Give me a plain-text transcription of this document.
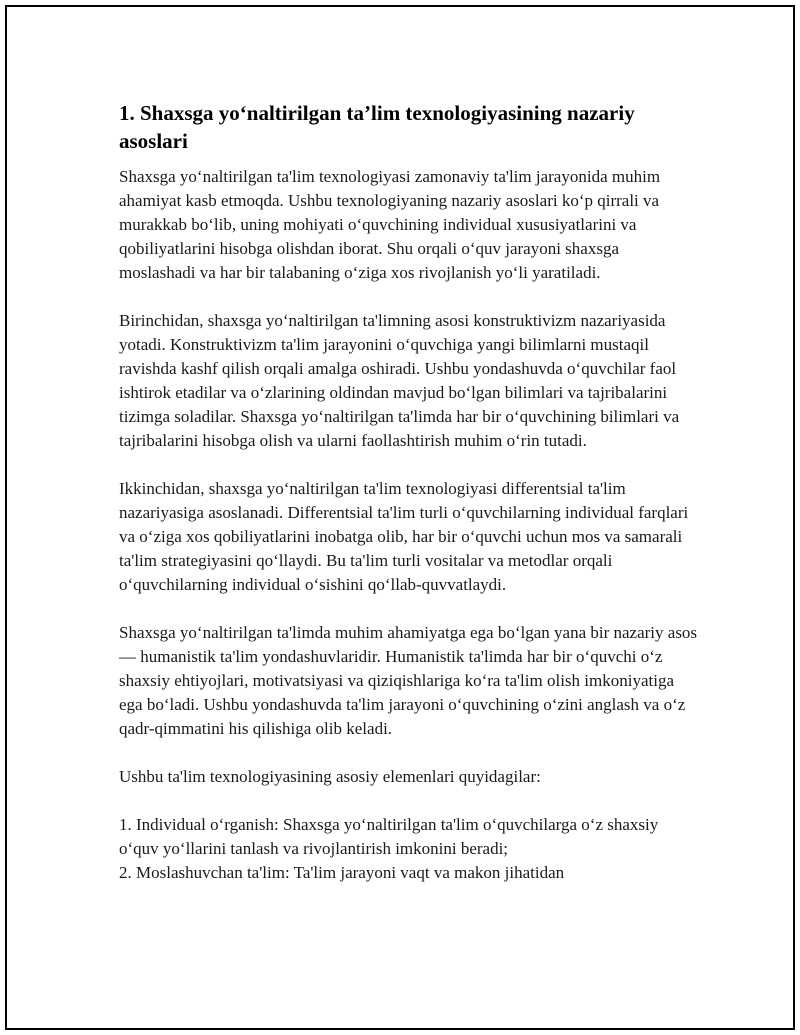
1. Shaxsga yo‘naltirilgan ta’lim texnologiyasining nazariy asoslari

Shaxsga yo‘naltirilgan ta'lim texnologiyasi zamonaviy ta'lim jarayonida muhim ahamiyat kasb etmoqda. Ushbu texnologiyaning nazariy asoslari ko‘p qirrali va murakkab bo‘lib, uning mohiyati o‘quvchining individual xususiyatlarini va qobiliyatlarini hisobga olishdan iborat. Shu orqali o‘quv jarayoni shaxsga moslashadi va har bir talabaning o‘ziga xos rivojlanish yo‘li yaratiladi.

Birinchidan, shaxsga yo‘naltirilgan ta'limning asosi konstruktivizm nazariyasida yotadi. Konstruktivizm ta'lim jarayonini o‘quvchiga yangi bilimlarni mustaqil ravishda kashf qilish orqali amalga oshiradi. Ushbu yondashuvda o‘quvchilar faol ishtirok etadilar va o‘zlarining oldindan mavjud bo‘lgan bilimlari va tajribalarini tizimga soladilar. Shaxsga yo‘naltirilgan ta'limda har bir o‘quvchining bilimlari va tajribalarini hisobga olish va ularni faollashtirish muhim o‘rin tutadi.

Ikkinchidan, shaxsga yo‘naltirilgan ta'lim texnologiyasi differentsial ta'lim nazariyasiga asoslanadi. Differentsial ta'lim turli o‘quvchilarning individual farqlari va o‘ziga xos qobiliyatlarini inobatga olib, har bir o‘quvchi uchun mos va samarali ta'lim strategiyasini qo‘llaydi. Bu ta'lim turli vositalar va metodlar orqali o‘quvchilarning individual o‘sishini qo‘llab-quvvatlaydi.

Shaxsga yo‘naltirilgan ta'limda muhim ahamiyatga ega bo‘lgan yana bir nazariy asos — humanistik ta'lim yondashuvlaridir. Humanistik ta'limda har bir o‘quvchi o‘z shaxsiy ehtiyojlari, motivatsiyasi va qiziqishlariga ko‘ra ta'lim olish imkoniyatiga ega bo‘ladi. Ushbu yondashuvda ta'lim jarayoni o‘quvchining o‘zini anglash va o‘z qadr-qimmatini his qilishiga olib keladi.

Ushbu ta'lim texnologiyasining asosiy elemenlari quyidagilar:

1. Individual o‘rganish: Shaxsga yo‘naltirilgan ta'lim o‘quvchilarga o‘z shaxsiy o‘quv yo‘llarini tanlash va rivojlantirish imkonini beradi;
2. Moslashuvchan ta'lim: Ta'lim jarayoni vaqt va makon jihatidan
